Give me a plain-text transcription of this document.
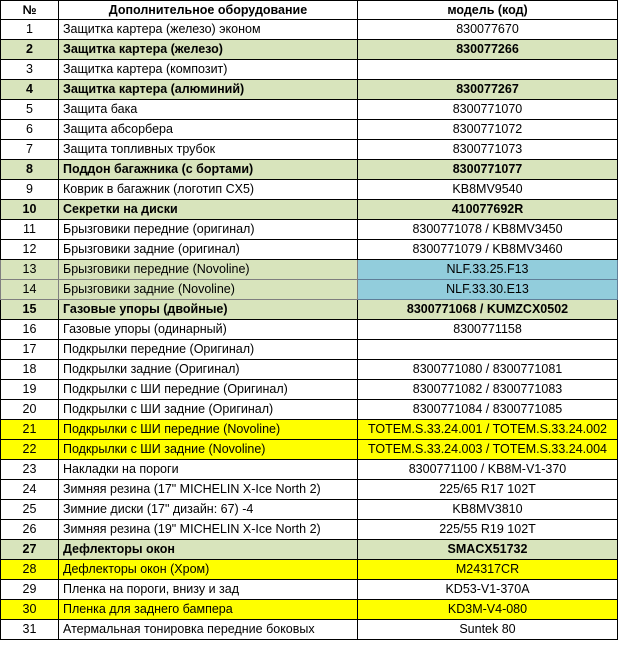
№	Дополнительное оборудование	модель (код)
1	Защитка картера (железо) эконом	830077670
2	Защитка картера (железо)	830077266
3	Защитка картера (композит)	
4	Защитка картера (алюминий)	830077267
5	Защита бака	8300771070
6	Защита абсорбера	8300771072
7	Защита топливных трубок	8300771073
8	Поддон багажника (с бортами)	8300771077
9	Коврик в багажник (логотип CX5)	KB8MV9540
10	Секретки на диски	410077692R
11	Брызговики передние (оригинал)	8300771078 / KB8MV3450
12	Брызговики задние (оригинал)	8300771079 / KB8MV3460
13	Брызговики передние (Novoline)	NLF.33.25.F13
14	Брызговики задние (Novoline)	NLF.33.30.E13
15	Газовые упоры (двойные)	8300771068 / KUMZCX0502
16	Газовые упоры (одинарный)	8300771158
17	Подкрылки передние (Оригинал)	
18	Подкрылки задние (Оригинал)	8300771080 / 8300771081
19	Подкрылки с ШИ передние (Оригинал)	8300771082 / 8300771083
20	Подкрылки с ШИ задние (Оригинал)	8300771084 / 8300771085
21	Подкрылки с ШИ передние (Novoline)	TOTEM.S.33.24.001 / TOTEM.S.33.24.002
22	Подкрылки с ШИ задние (Novoline)	TOTEM.S.33.24.003 / TOTEM.S.33.24.004
23	Накладки на пороги	8300771100 / KB8M-V1-370
24	Зимняя резина (17" MICHELIN X-Ice North 2)	225/65 R17 102T
25	Зимние диски (17" дизайн: 67) -4	KB8MV3810
26	Зимняя резина (19" MICHELIN X-Ice North 2)	225/55 R19 102T
27	Дефлекторы окон	SMACX51732
28	Дефлекторы окон (Хром)	M24317CR
29	Пленка на пороги, внизу и зад	KD53-V1-370A
30	Пленка для заднего бампера	KD3M-V4-080
31	Атермальная тонировка передние боковых	Suntek 80
